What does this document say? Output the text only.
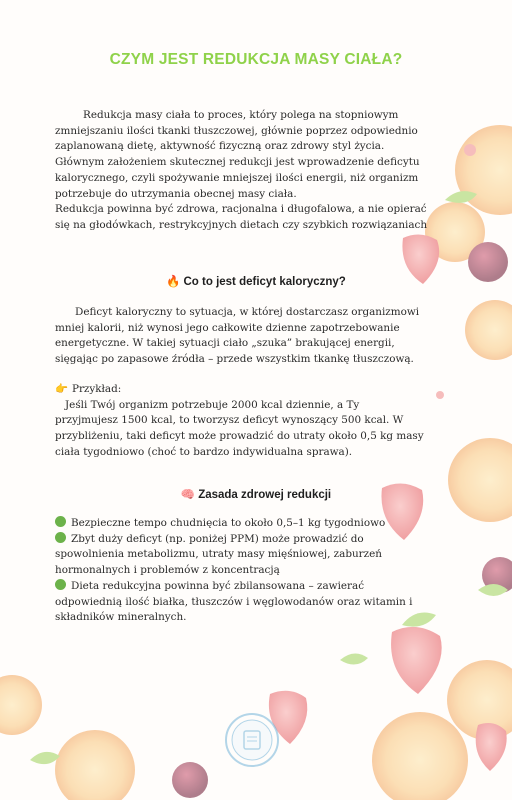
CZYM JEST REDUKCJA MASY CIAŁA?
Redukcja masy ciała to proces, który polega na stopniowym
zmniejszaniu ilości tkanki tłuszczowej, głównie poprzez odpowiednio
zaplanowaną dietę, aktywność fizyczną oraz zdrowy styl życia.
Głównym założeniem skutecznej redukcji jest wprowadzenie deficytu
kalorycznego, czyli spożywanie mniejszej ilości energii, niż organizm
potrzebuje do utrzymania obecnej masy ciała.
Redukcja powinna być zdrowa, racjonalna i długofalowa, a nie opierać
się na głodówkach, restrykcyjnych dietach czy szybkich rozwiązaniach

🔥 Co to jest deficyt kaloryczny?

Deficyt kaloryczny to sytuacja, w której dostarczasz organizmowi
mniej kalorii, niż wynosi jego całkowite dzienne zapotrzebowanie
energetyczne. W takiej sytuacji ciało „szuka” brakującej energii,
sięgając po zapasowe źródła – przede wszystkim tkankę tłuszczową.
👉 Przykład:
Jeśli Twój organizm potrzebuje 2000 kcal dziennie, a Ty
przyjmujesz 1500 kcal, to tworzysz deficyt wynoszący 500 kcal. W
przybliżeniu, taki deficyt może prowadzić do utraty około 0,5 kg masy
ciała tygodniowo (choć to bardzo indywidualna sprawa).

🧠 Zasada zdrowej redukcji

Bezpieczne tempo chudnięcia to około 0,5–1 kg tygodniowo
Zbyt duży deficyt (np. poniżej PPM) może prowadzić do
spowolnienia metabolizmu, utraty masy mięśniowej, zaburzeń
hormonalnych i problemów z koncentracją
Dieta redukcyjna powinna być zbilansowana – zawierać
odpowiednią ilość białka, tłuszczów i węglowodanów oraz witamin i
składników mineralnych.
